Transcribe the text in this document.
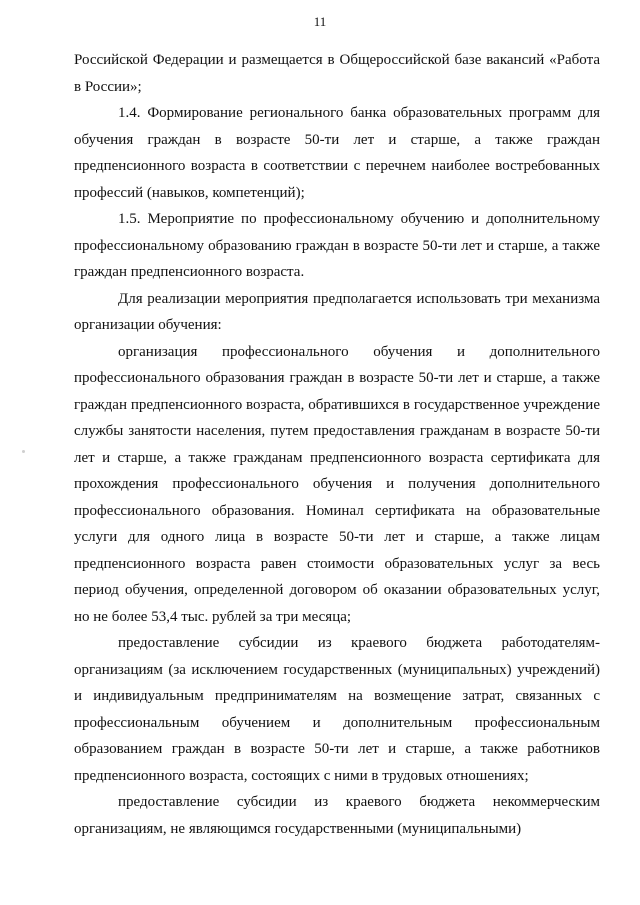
11

Российской Федерации и размещается в Общероссийской базе вакансий «Работа в России»;

1.4. Формирование регионального банка образовательных программ для обучения граждан в возрасте 50-ти лет и старше, а также граждан предпенсионного возраста в соответствии с перечнем наиболее востребованных профессий (навыков, компетенций);

1.5. Мероприятие по профессиональному обучению и дополнительному профессиональному образованию граждан в возрасте 50-ти лет и старше, а также граждан предпенсионного возраста.

Для реализации мероприятия предполагается использовать три механизма организации обучения:

организация профессионального обучения и дополнительного профессионального образования граждан в возрасте 50-ти лет и старше, а также граждан предпенсионного возраста, обратившихся в государственное учреждение службы занятости населения, путем предоставления гражданам в возрасте 50-ти лет и старше, а также гражданам предпенсионного возраста сертификата для прохождения профессионального обучения и получения дополнительного профессионального образования. Номинал сертификата на образовательные услуги для одного лица в возрасте 50-ти лет и старше, а также лицам предпенсионного возраста равен стоимости образовательных услуг за весь период обучения, определенной договором об оказании образовательных услуг, но не более 53,4 тыс. рублей за три месяца;

предоставление субсидии из краевого бюджета работодателям-организациям (за исключением государственных (муниципальных) учреждений) и индивидуальным предпринимателям на возмещение затрат, связанных с профессиональным обучением и дополнительным профессиональным образованием граждан в возрасте 50-ти лет и старше, а также работников предпенсионного возраста, состоящих с ними в трудовых отношениях;

предоставление субсидии из краевого бюджета некоммерческим организациям, не являющимся государственными (муниципальными)
